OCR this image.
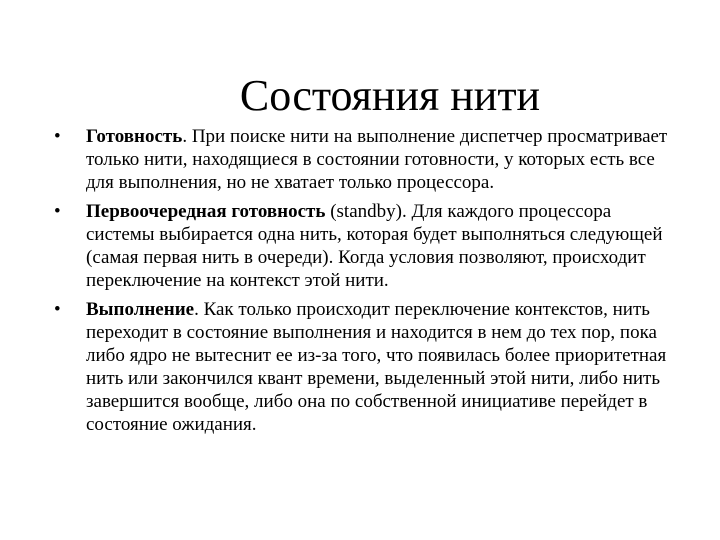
Состояния нити
• Готовность. При поиске нити на выполнение диспетчер просматривает только нити, находящиеся в состоянии готовности, у которых есть все для выполнения, но не хватает только процессора.
• Первоочередная готовность (standby). Для каждого процессора системы выбирается одна нить, которая будет выполняться следующей (самая первая нить в очереди). Когда условия позволяют, происходит переключение на контекст этой нити.
• Выполнение. Как только происходит переключение контекстов, нить переходит в состояние выполнения и находится в нем до тех пор, пока либо ядро не вытеснит ее из-за того, что появилась более приоритетная нить или закончился квант времени, выделенный этой нити, либо нить завершится вообще, либо она по собственной инициативе перейдет в состояние ожидания.
